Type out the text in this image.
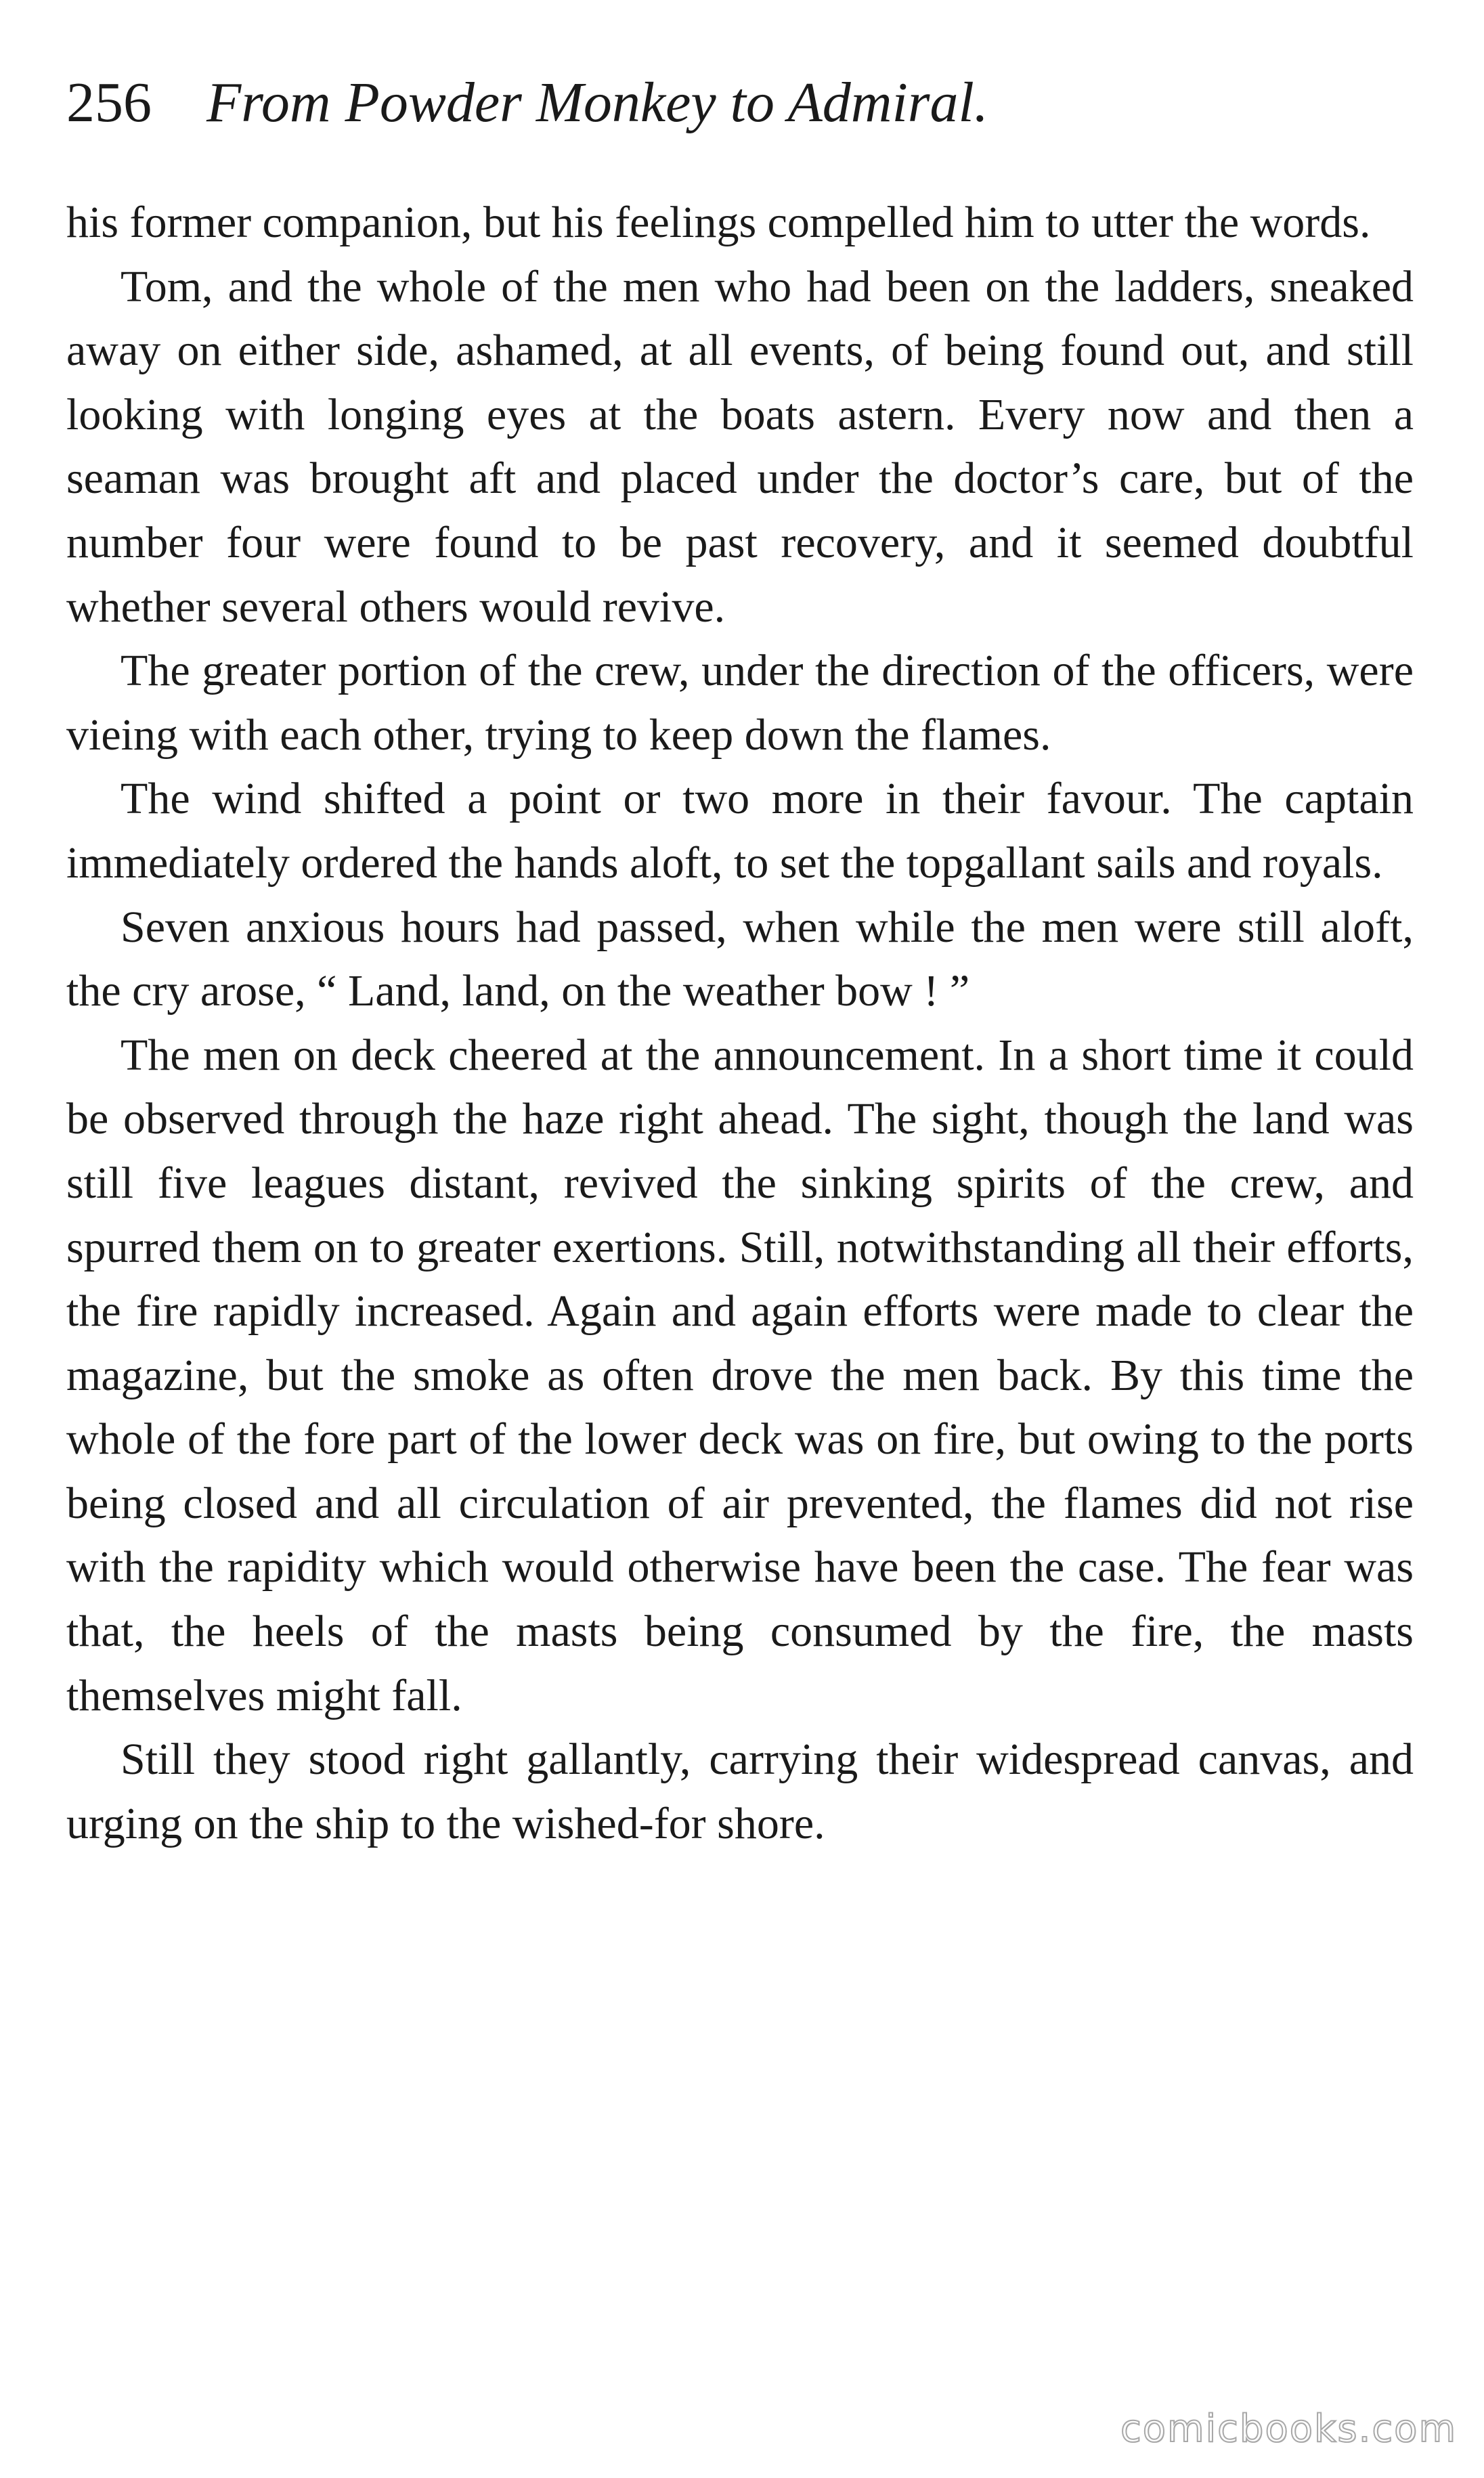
256 From Powder Monkey to Admiral.

his former companion, but his feelings compelled him to utter the words.

Tom, and the whole of the men who had been on the ladders, sneaked away on either side, ashamed, at all events, of being found out, and still looking with longing eyes at the boats astern. Every now and then a seaman was brought aft and placed under the doctor’s care, but of the number four were found to be past recovery, and it seemed doubtful whether several others would revive.

The greater portion of the crew, under the direction of the officers, were vieing with each other, trying to keep down the flames.

The wind shifted a point or two more in their favour. The captain immediately ordered the hands aloft, to set the topgallant sails and royals.

Seven anxious hours had passed, when while the men were still aloft, the cry arose, “ Land, land, on the weather bow ! ”

The men on deck cheered at the announcement. In a short time it could be observed through the haze right ahead. The sight, though the land was still five leagues distant, revived the sinking spirits of the crew, and spurred them on to greater exertions. Still, notwithstanding all their efforts, the fire rapidly increased. Again and again efforts were made to clear the magazine, but the smoke as often drove the men back. By this time the whole of the fore part of the lower deck was on fire, but owing to the ports being closed and all circulation of air prevented, the flames did not rise with the rapidity which would otherwise have been the case. The fear was that, the heels of the masts being consumed by the fire, the masts themselves might fall.

Still they stood right gallantly, carrying their widespread canvas, and urging on the ship to the wished-for shore.

comicbooks.com
